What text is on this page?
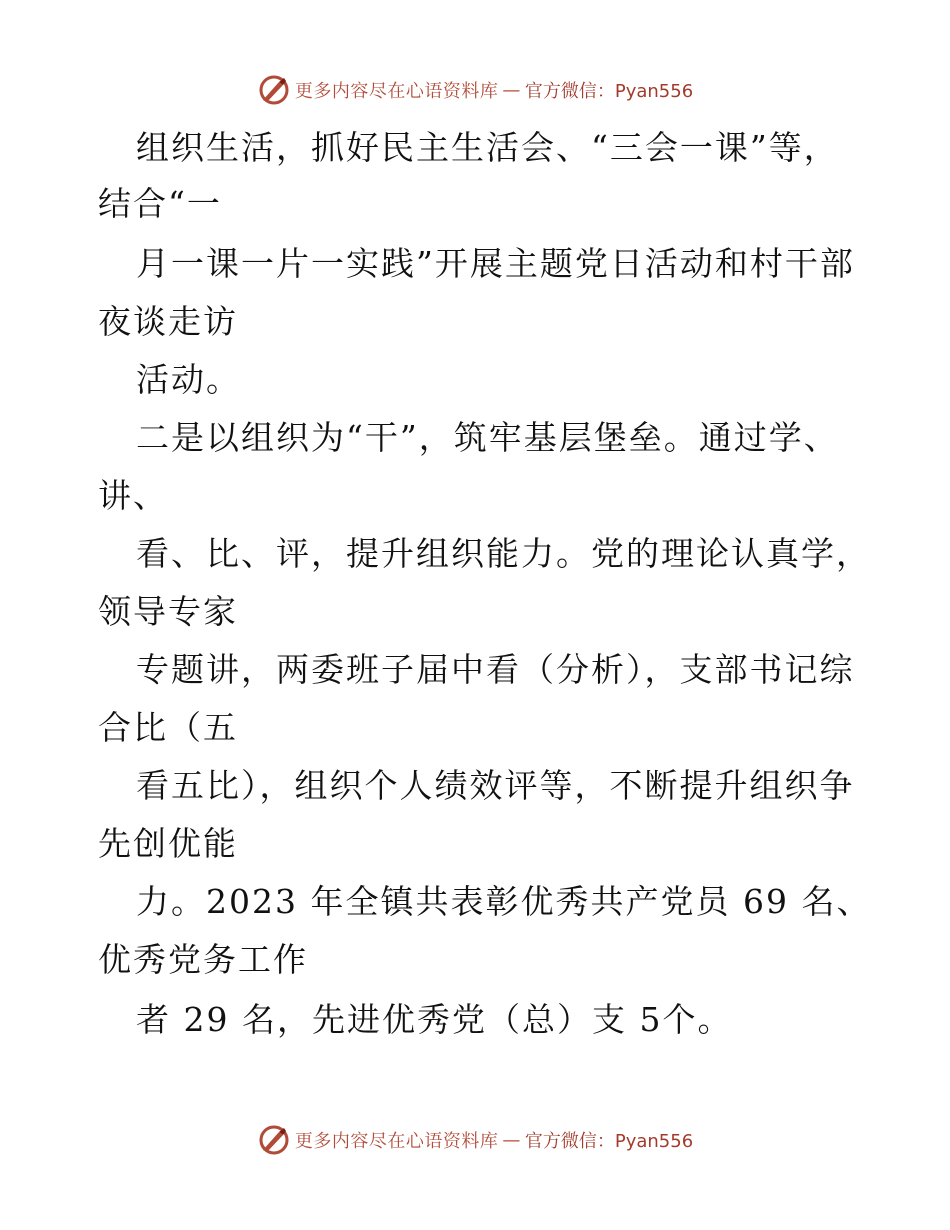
更多内容尽在心语资料库 — 官方微信：Pyan556
组织生活，抓好民主生活会、“三会一课”等，
结合“一
月一课一片一实践”开展主题党日活动和村干部
夜谈走访
活动。
二是以组织为“干”，筑牢基层堡垒。通过学、
讲、
看、比、评，提升组织能力。党的理论认真学，
领导专家
专题讲，两委班子届中看（分析），支部书记综
合比（五
看五比），组织个人绩效评等，不断提升组织争
先创优能
力。2023 年全镇共表彰优秀共产党员 69 名、
优秀党务工作
者 29 名，先进优秀党（总）支 5个。
更多内容尽在心语资料库 — 官方微信：Pyan556
